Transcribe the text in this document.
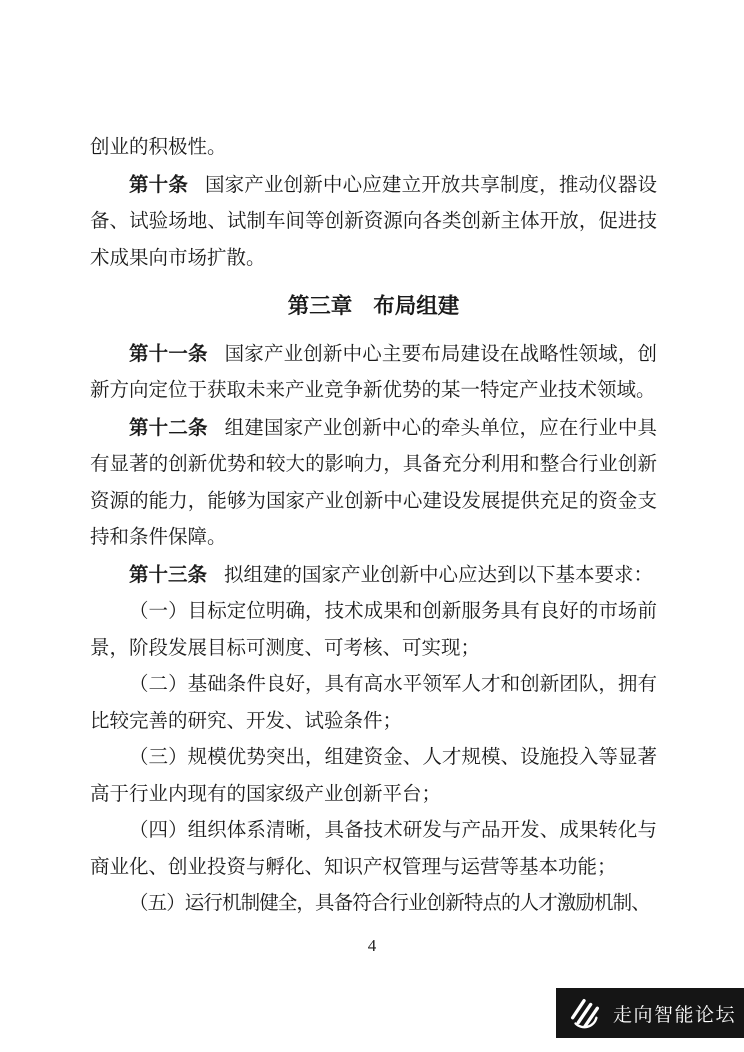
创业的积极性。

第十条 国家产业创新中心应建立开放共享制度，推动仪器设备、试验场地、试制车间等创新资源向各类创新主体开放，促进技术成果向市场扩散。

第三章 布局组建

第十一条 国家产业创新中心主要布局建设在战略性领域，创新方向定位于获取未来产业竞争新优势的某一特定产业技术领域。

第十二条 组建国家产业创新中心的牵头单位，应在行业中具有显著的创新优势和较大的影响力，具备充分利用和整合行业创新资源的能力，能够为国家产业创新中心建设发展提供充足的资金支持和条件保障。

第十三条 拟组建的国家产业创新中心应达到以下基本要求：

（一）目标定位明确，技术成果和创新服务具有良好的市场前景，阶段发展目标可测度、可考核、可实现；

（二）基础条件良好，具有高水平领军人才和创新团队，拥有比较完善的研究、开发、试验条件；

（三）规模优势突出，组建资金、人才规模、设施投入等显著高于行业内现有的国家级产业创新平台；

（四）组织体系清晰，具备技术研发与产品开发、成果转化与商业化、创业投资与孵化、知识产权管理与运营等基本功能；

（五）运行机制健全，具备符合行业创新特点的人才激励机制、

4
走向智能论坛
